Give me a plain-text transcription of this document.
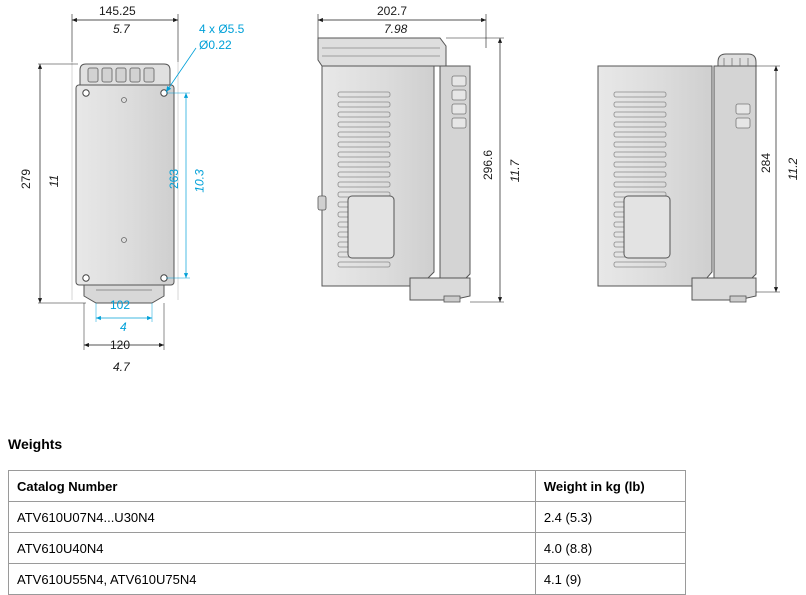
145.25
5.7	4 x Ø5.5
Ø0.22
279 11	263 10.3
102
4
120
4.7
202.7
7.98
296.6 11.7	284 11.2
Weights
Catalog Number	Weight in kg (lb)
ATV610U07N4...U30N4	2.4 (5.3)
ATV610U40N4	4.0 (8.8)
ATV610U55N4, ATV610U75N4	4.1 (9)
